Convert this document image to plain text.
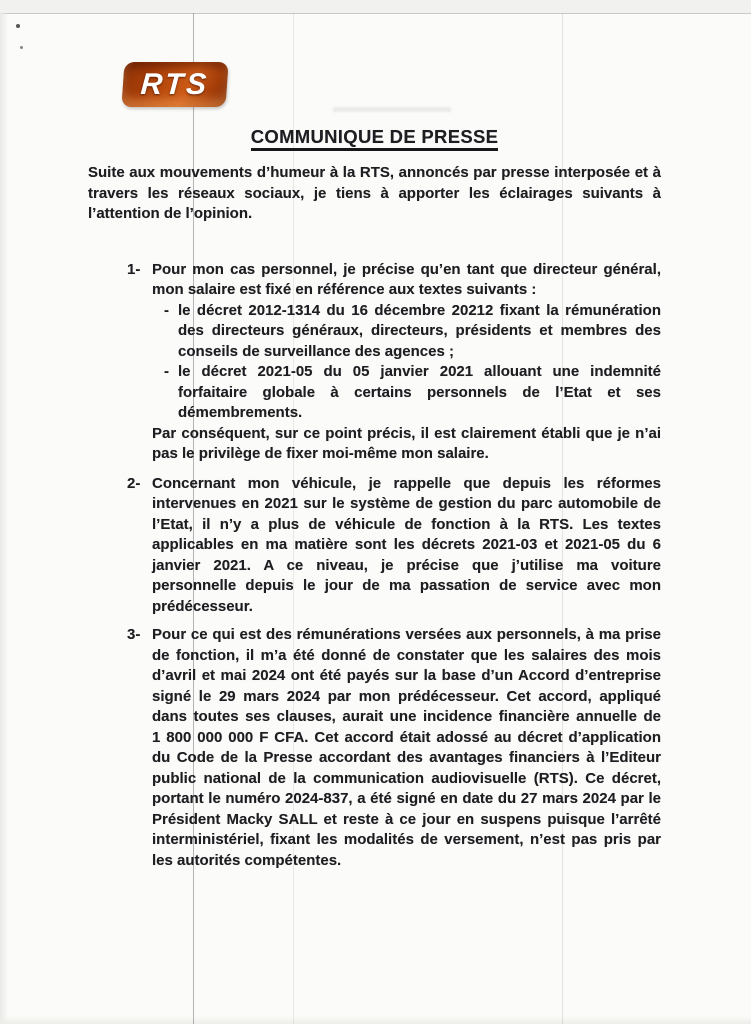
RTS
COMMUNIQUE DE PRESSE

Suite aux mouvements d’humeur à la RTS, annoncés par presse interposée et à travers les réseaux sociaux, je tiens à apporter les éclairages suivants à l’attention de l’opinion.

1- Pour mon cas personnel, je précise qu’en tant que directeur général, mon salaire est fixé en référence aux textes suivants :

- le décret 2012-1314 du 16 décembre 20212 fixant la rémunération des directeurs généraux, directeurs, présidents et membres des conseils de surveillance des agences ;

- le décret 2021-05 du 05 janvier 2021 allouant une indemnité forfaitaire globale à certains personnels de l’Etat et ses démembrements.

Par conséquent, sur ce point précis, il est clairement établi que je n’ai pas le privilège de fixer moi-même mon salaire.

2- Concernant mon véhicule, je rappelle que depuis les réformes intervenues en 2021 sur le système de gestion du parc automobile de l’Etat, il n’y a plus de véhicule de fonction à la RTS. Les textes applicables en ma matière sont les décrets 2021-03 et 2021-05 du 6 janvier 2021. A ce niveau, je précise que j’utilise ma voiture personnelle depuis le jour de ma passation de service avec mon prédécesseur.

3- Pour ce qui est des rémunérations versées aux personnels, à ma prise de fonction, il m’a été donné de constater que les salaires des mois d’avril et mai 2024 ont été payés sur la base d’un Accord d’entreprise signé le 29 mars 2024 par mon prédécesseur. Cet accord, appliqué dans toutes ses clauses, aurait une incidence financière annuelle de 1 800 000 000 F CFA. Cet accord était adossé au décret d’application du Code de la Presse accordant des avantages financiers à l’Editeur public national de la communication audiovisuelle (RTS). Ce décret, portant le numéro 2024-837, a été signé en date du 27 mars 2024 par le Président Macky SALL et reste à ce jour en suspens puisque l’arrêté interministériel, fixant les modalités de versement, n’est pas pris par les autorités compétentes.
